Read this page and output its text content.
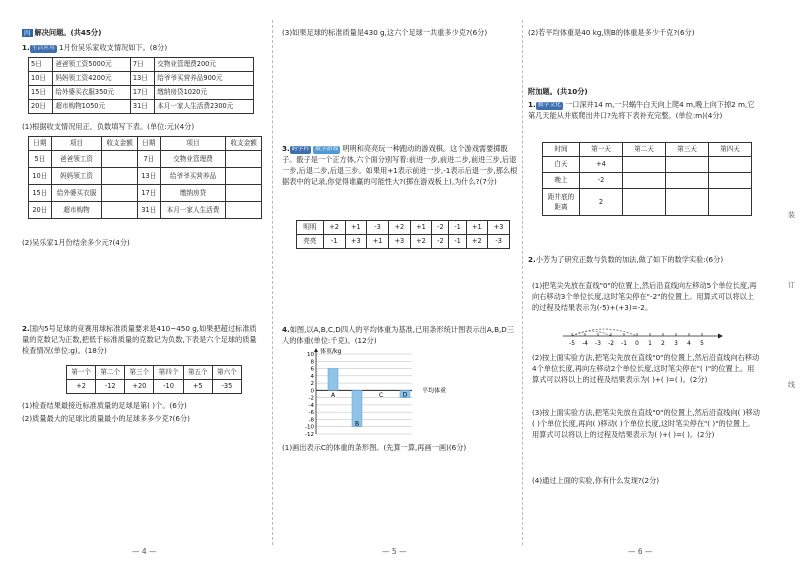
四 解决问题。(共45分)
1. 生活应用 1月份吴乐家收支情况如下。(8分)
5日	爸爸领工资5000元	7日	交物业管理费200元
10日	妈妈领工资4200元	13日	给爷爷买营养品900元
15日	给外婆买衣服350元	17日	缴纳房贷1020元
20日	超市购物1050元	31日	本月一家人生活费2300元
(1)根据收支情况用正、负数填写下表。(单位:元)(4分)
日期	项目	收支金额	日期	项目	收支金额
5日	爸爸领工资		7日	交物业管理费	
10日	妈妈领工资		13日	给爷爷买营养品	
15日	给外婆买衣服		17日	缴纳房贷	
20日	超市购物		31日	本月一家人生活费	
(2)吴乐家1月份结余多少元?(4分)
2.国内5号足球的竞赛用球标准质量要求是410~450 g,如果把超过标准质量的克数记为正数,把低于标准质量的克数记为负数,下表是六个足球的质量检查情况(单位:g)。(18分)
第一个	第二个	第三个	第四个	第五个	第六个
+2	-12	+20	-10	+5	-35
(1)检查结果最接近标准质量的足球是第( )个。(6分)
(2)质量最大的足球比质量最小的足球多多少克?(6分)
— 4 —
(3)如果足球的标准质量是430 g,这六个足球一共重多少克?(6分)
3. 跨学科 数学游戏 明明和亮亮玩一种跑动的游戏棋。这个游戏需要掷骰子。骰子是一个正方体,六个面分别写着:前进一步,前进二步,前进三步,后退一步,后退二步,后退三步。如果用+1表示前进一步,-1表示后退一步,那么根据表中的记录,你觉得谁赢的可能性大?(掷在游戏板上),为什么?(7分)
明明	+2	+1	-3	+2	+1	-2	-1	+1	+3
亮亮	-1	+3	+1	+3	+2	-2	-1	+2	-3
4.如图,以A,B,C,D四人的平均体重为基准,已用条形统计图表示出A,B,D三人的体重(单位:千克)。(12分)
10
8
6
4
2
0
-2
-4
-6
-8
-10
-12
体重/kg
A
B
C	D
平均体重
(1)画出表示C的体重的条形图。(先算一算,再画一画)(6分)
— 5 —
(2)若平均体重是40 kg,则B的体重是多少千克?(6分)
附加题。(共10分)
1. 数学文化 一口深井14 m,一只蜗牛白天向上爬4 m,晚上向下掉2 m,它第几天能从井底爬出井口?先将下表补充完整。(单位:m)(4分)
时间	第一天	第二天	第三天	第四天
白天	+4			
晚上	-2			
距井底的距离	2			
2.小芳为了研究正数与负数的加法,做了如下的数学实验:(6分)
(1)把笔尖先放在直线"0"的位置上,然后沿直线向左移动5个单位长度,再向右移动3个单位长度,这时笔尖停在"-2"的位置上。用算式可以将以上的过程及结果表示为(-5)+(+3)=-2。
-5 -4 -3 -2 -1 0 1 2 3 4 5
(2)按上面实验方法,把笔尖先放在直线"0"的位置上,然后沿直线向右移动4个单位长度,再向左移动2个单位长度,这时笔尖停在"( )"的位置上。用算式可以将以上的过程及结果表示为( )+( )=( )。(2分)
(3)按上面实验方法,把笔尖先放在直线"0"的位置上,然后沿直线向( )移动( )个单位长度,再向( )移动( )个单位长度,这时笔尖停在"( )"的位置上。用算式可以将以上的过程及结果表示为( )+( )=( )。(2分)
(4)通过上面的实验,你有什么发现?(2分)
— 6 —
装
订
线
